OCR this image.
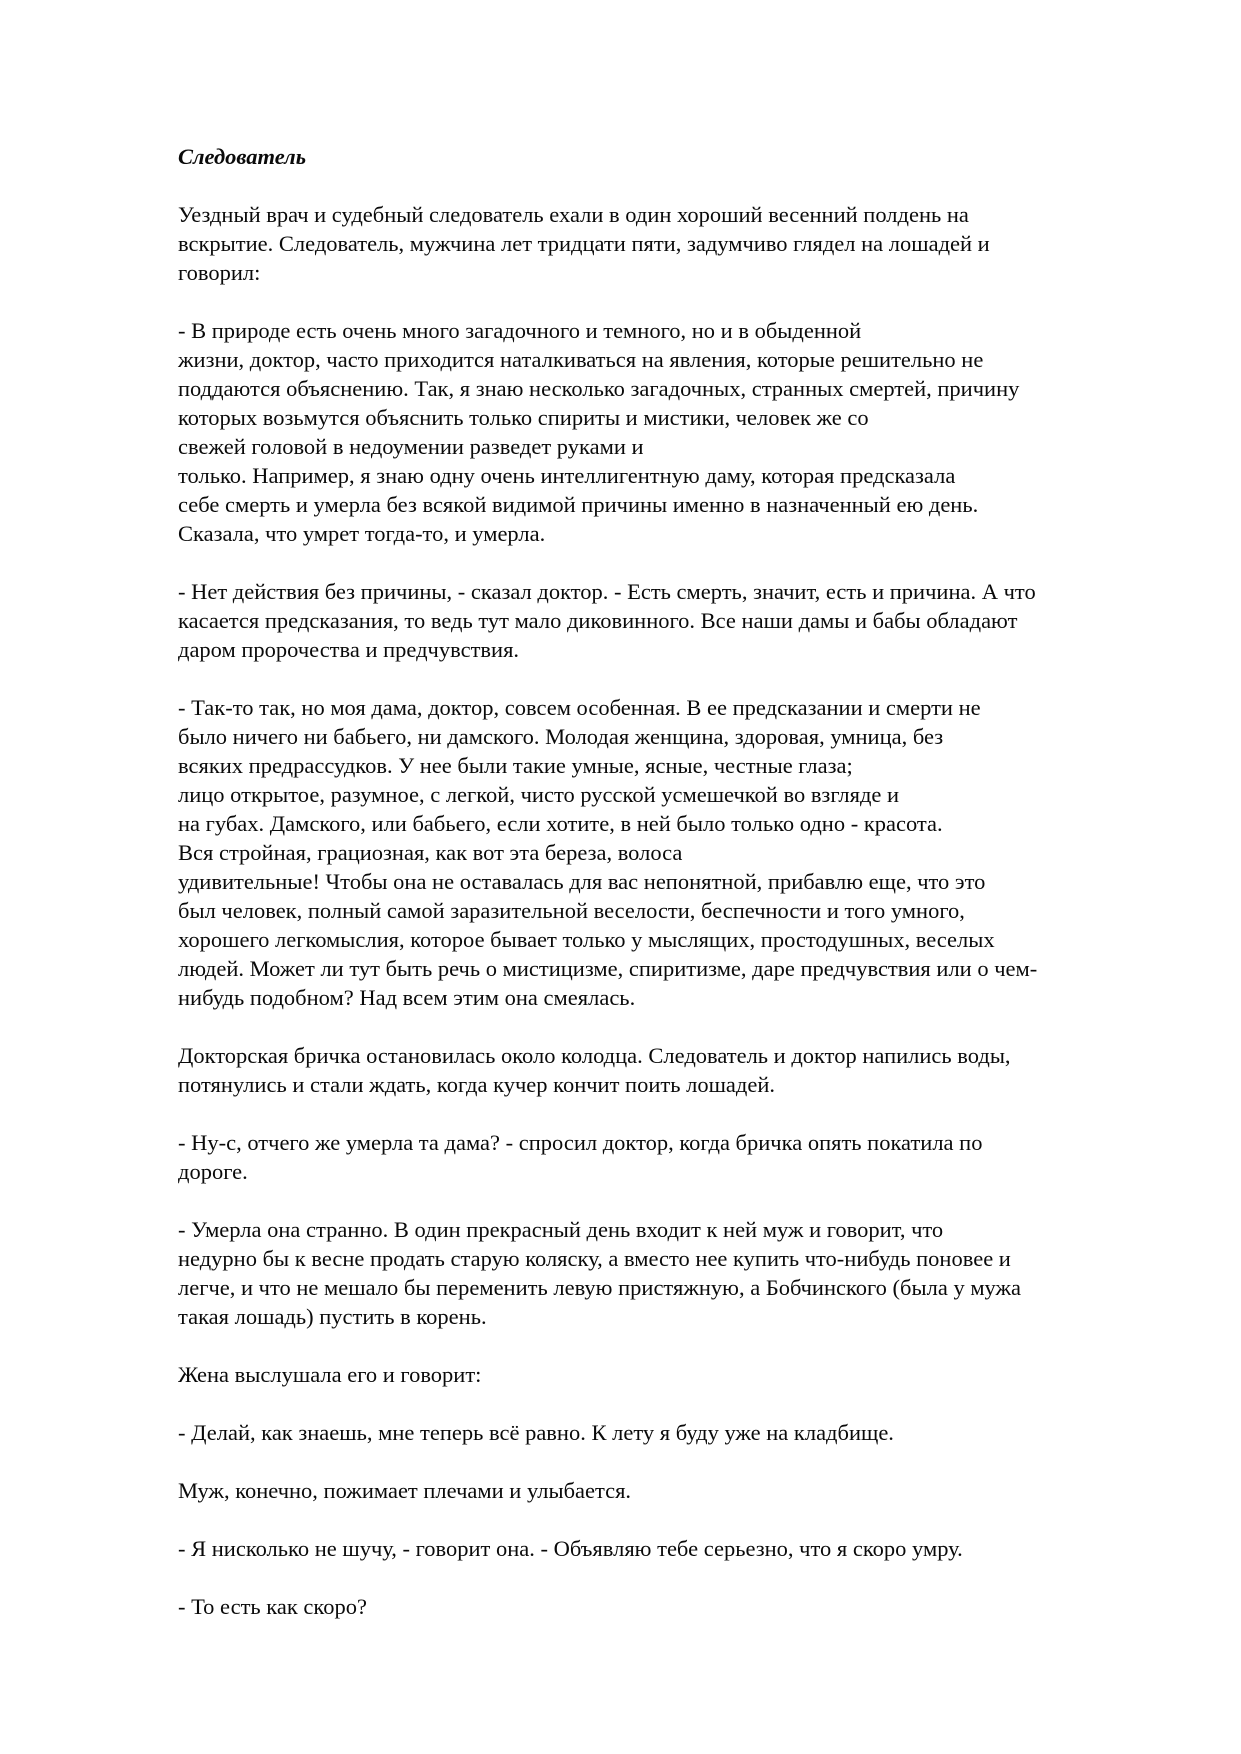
Следователь
Уездный врач и судебный следователь ехали в один хороший весенний полдень на
вскрытие. Следователь, мужчина лет тридцати пяти, задумчиво глядел на лошадей и
говорил:
- В природе есть очень много загадочного и темного, но и в обыденной
жизни, доктор, часто приходится наталкиваться на явления, которые решительно не
поддаются объяснению. Так, я знаю несколько загадочных, странных смертей, причину
которых возьмутся объяснить только спириты и мистики, человек же со
свежей головой в недоумении разведет руками и
только. Например, я знаю одну очень интеллигентную даму, которая предсказала
себе смерть и умерла без всякой видимой причины именно в назначенный ею день.
Сказала, что умрет тогда-то, и умерла.
- Нет действия без причины, - сказал доктор. - Есть смерть, значит, есть и причина. А что
касается предсказания, то ведь тут мало диковинного. Все наши дамы и бабы обладают
даром пророчества и предчувствия.
- Так-то так, но моя дама, доктор, совсем особенная. В ее предсказании и смерти не
было ничего ни бабьего, ни дамского. Молодая женщина, здоровая, умница, без
всяких предрассудков. У нее были такие умные, ясные, честные глаза;
лицо открытое, разумное, с легкой, чисто русской усмешечкой во взгляде и
на губах. Дамского, или бабьего, если хотите, в ней было только одно - красота.
Вся стройная, грациозная, как вот эта береза, волоса
удивительные! Чтобы она не оставалась для вас непонятной, прибавлю еще, что это
был человек, полный самой заразительной веселости, беспечности и того умного,
хорошего легкомыслия, которое бывает только у мыслящих, простодушных, веселых
людей. Может ли тут быть речь о мистицизме, спиритизме, даре предчувствия или о чем-
нибудь подобном? Над всем этим она смеялась.
Докторская бричка остановилась около колодца. Следователь и доктор напились воды,
потянулись и стали ждать, когда кучер кончит поить лошадей.
- Ну-с, отчего же умерла та дама? - спросил доктор, когда бричка опять покатила по
дороге.
- Умерла она странно. В один прекрасный день входит к ней муж и говорит, что
недурно бы к весне продать старую коляску, а вместо нее купить что-нибудь поновее и
легче, и что не мешало бы переменить левую пристяжную, а Бобчинского (была у мужа
такая лошадь) пустить в корень.
Жена выслушала его и говорит:
- Делай, как знаешь, мне теперь всё равно. К лету я буду уже на кладбище.
Муж, конечно, пожимает плечами и улыбается.
- Я нисколько не шучу, - говорит она. - Объявляю тебе серьезно, что я скоро умру.
- То есть как скоро?
